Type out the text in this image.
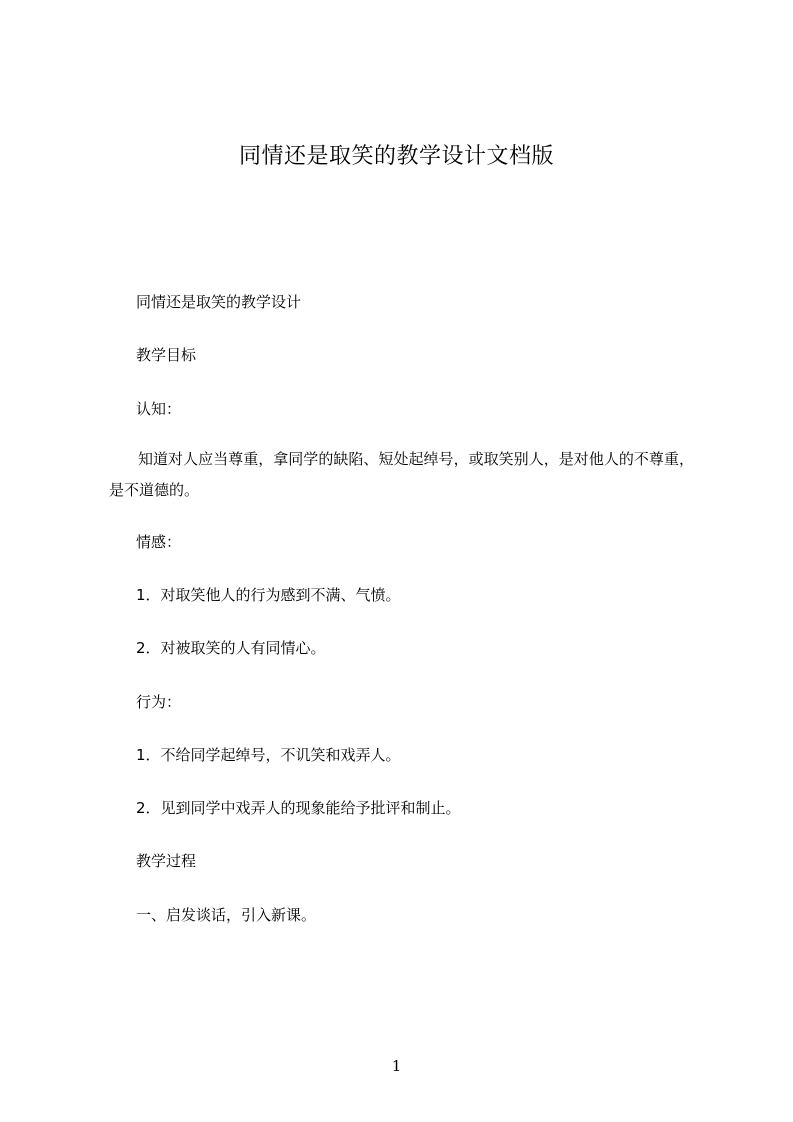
同情还是取笑的教学设计文档版
同情还是取笑的教学设计
教学目标
认知：
知道对人应当尊重，拿同学的缺陷、短处起绰号，或取笑别人，是对他人的不尊重，是不道德的。
情感：
1．对取笑他人的行为感到不满、气愤。
2．对被取笑的人有同情心。
行为：
1．不给同学起绰号，不讥笑和戏弄人。
2．见到同学中戏弄人的现象能给予批评和制止。
教学过程
一、启发谈话，引入新课。
1
